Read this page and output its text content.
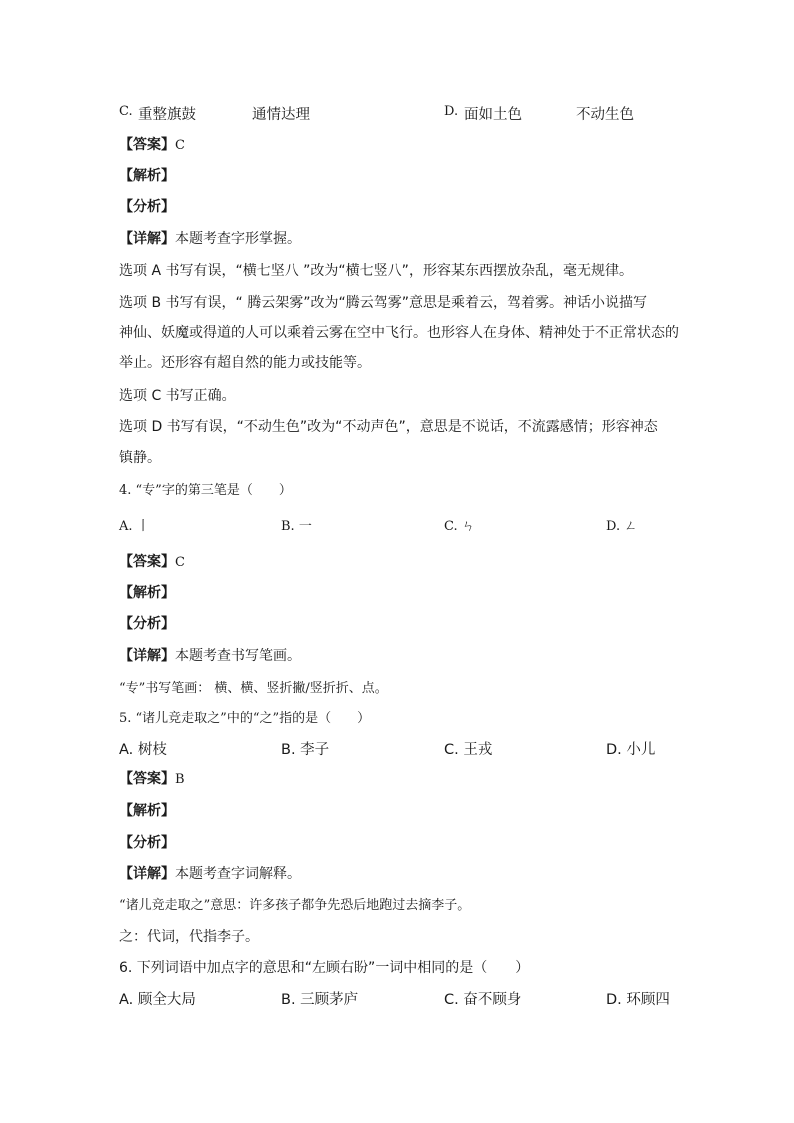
C. 重整旗鼓	通情达理	D. 面如土色	不动生色
【答案】C
【解析】
【分析】
【详解】本题考查字形掌握。
选项 A 书写有误，“横七坚八 ”改为“横七竖八”，形容某东西摆放杂乱，毫无规律。
选项 B 书写有误，“ 腾云架雾”改为“腾云驾雾”意思是乘着云，驾着雾。神话小说描写
神仙、妖魔或得道的人可以乘着云雾在空中飞行。也形容人在身体、精神处于不正常状态的
举止。还形容有超自然的能力或技能等。
选项 C 书写正确。
选项 D 书写有误，“不动生色”改为“不动声色”，意思是不说话，不流露感情；形容神态
镇静。
4. “专”字的第三笔是（　　）
A. 丨	B. 一	C. ㄣ	D. ㄥ
【答案】C
【解析】
【分析】
【详解】本题考查书写笔画。
“专”书写笔画： 横、横、竖折撇/竖折折、点。
5. “诸儿竞走取之”中的“之”指的是（　　）
A. 树枝	B. 李子	C. 王戎	D. 小儿
【答案】B
【解析】
【分析】
【详解】本题考查字词解释。
“诸儿竞走取之”意思：许多孩子都争先恐后地跑过去摘李子。
之：代词，代指李子。
6. 下列词语中加点字的意思和“左顾右盼”一词中相同的是（　　）
A. 顾全大局	B. 三顾茅庐	C. 奋不顾身	D. 环顾四
